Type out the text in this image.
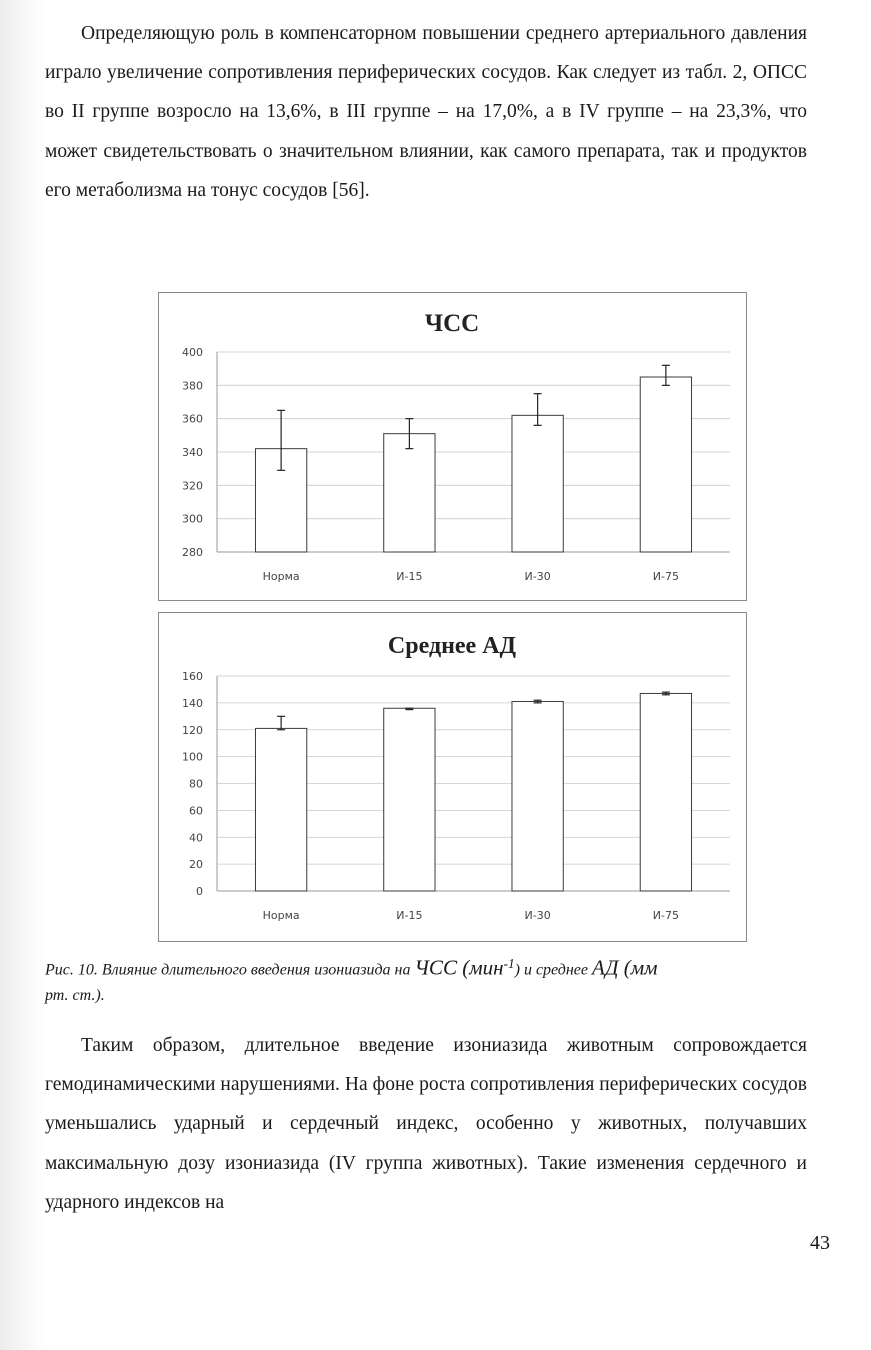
Определяющую роль в компенсаторном повышении среднего артериального давления играло увеличение сопротивления периферических сосудов. Как следует из табл. 2, ОПСС во II группе возросло на 13,6%, в III группе – на 17,0%, а в IV группе – на 23,3%, что может свидетельствовать о значительном влиянии, как самого препарата, так и продуктов его метаболизма на тонус сосудов [56].

ЧСС
400
380
360
340
320
300
280
Норма	И-15	И-30	И-75
Среднее АД
160
140
120
100
80
60
40
20
0
Норма	И-15	И-30	И-75

Рис. 10. Влияние длительного введения изониазида на ЧСС (мин$^{-1}$) и среднее АД (мм
рт. ст.).

Таким образом, длительное введение изониазида животным сопровождается гемодинамическими нарушениями. На фоне роста сопротивления периферических сосудов уменьшались ударный и сердечный индекс, особенно у животных, получавших максимальную дозу изониазида (IV группа животных). Такие изменения сердечного и ударного индексов на

43
